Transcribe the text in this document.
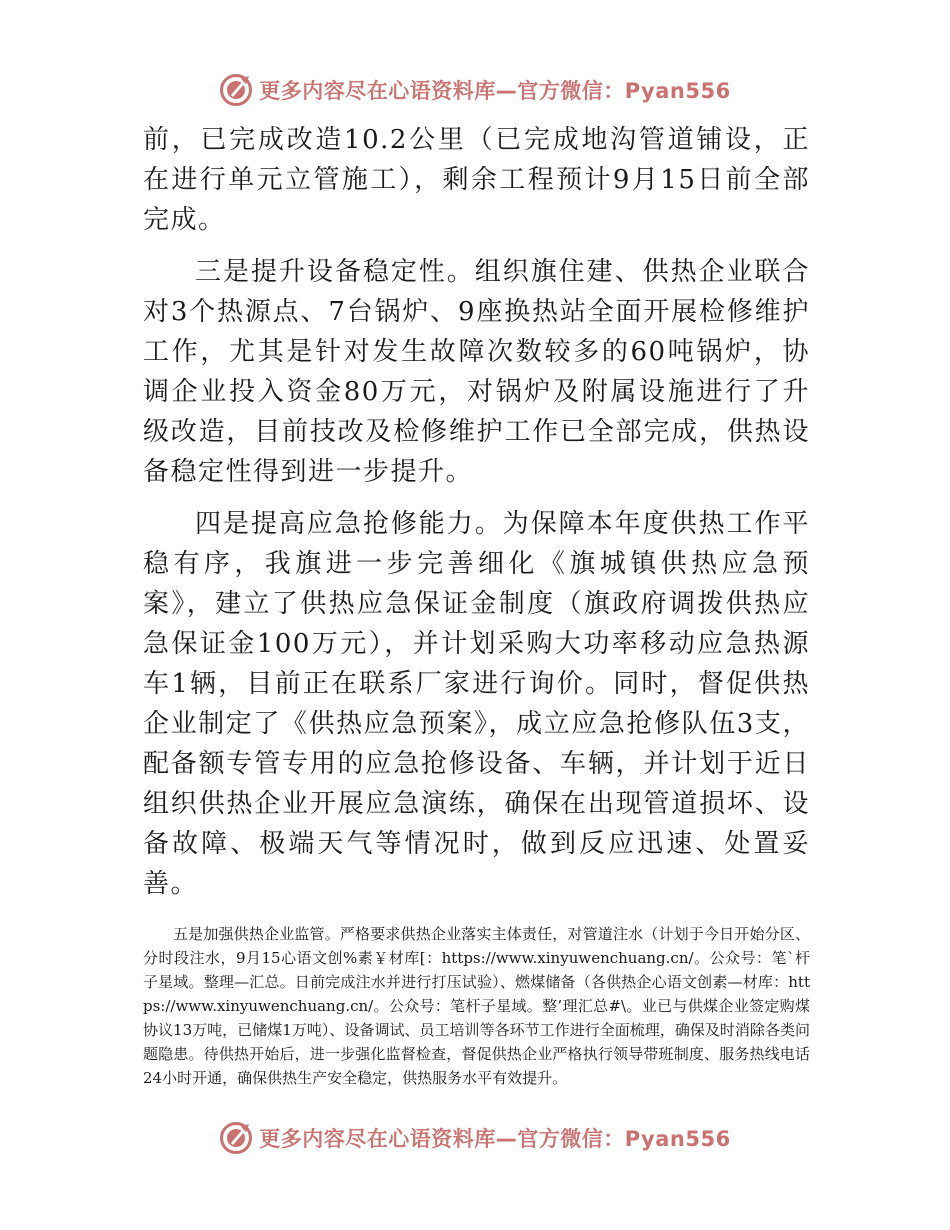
更多内容尽在心语资料库—官方微信：Pyan556

前，已完成改造10.2公里（已完成地沟管道铺设，正在进行单元立管施工），剩余工程预计9月15日前全部完成。

三是提升设备稳定性。组织旗住建、供热企业联合对3个热源点、7台锅炉、9座换热站全面开展检修维护工作，尤其是针对发生故障次数较多的60吨锅炉，协调企业投入资金80万元，对锅炉及附属设施进行了升级改造，目前技改及检修维护工作已全部完成，供热设备稳定性得到进一步提升。

四是提高应急抢修能力。为保障本年度供热工作平稳有序，我旗进一步完善细化《旗城镇供热应急预案》，建立了供热应急保证金制度（旗政府调拨供热应急保证金100万元），并计划采购大功率移动应急热源车1辆，目前正在联系厂家进行询价。同时，督促供热企业制定了《供热应急预案》，成立应急抢修队伍3支，配备额专管专用的应急抢修设备、车辆，并计划于近日组织供热企业开展应急演练，确保在出现管道损坏、设备故障、极端天气等情况时，做到反应迅速、处置妥善。

五是加强供热企业监管。严格要求供热企业落实主体责任，对管道注水（计划于今日开始分区、分时段注水，9月15心语文创%素￥材库[：https://www.xinyuwenchuang.cn/。公众号：笔`杆子星域。整理—汇总。日前完成注水并进行打压试验）、燃煤储备（各供热企心语文创素—材库：https://www.xinyuwenchuang.cn/。公众号：笔杆子星域。整’理汇总#\。业已与供煤企业签定购煤协议13万吨，已储煤1万吨）、设备调试、员工培训等各环节工作进行全面梳理，确保及时消除各类问题隐患。待供热开始后，进一步强化监督检查，督促供热企业严格执行领导带班制度、服务热线电话24小时开通，确保供热生产安全稳定，供热服务水平有效提升。

更多内容尽在心语资料库—官方微信：Pyan556
